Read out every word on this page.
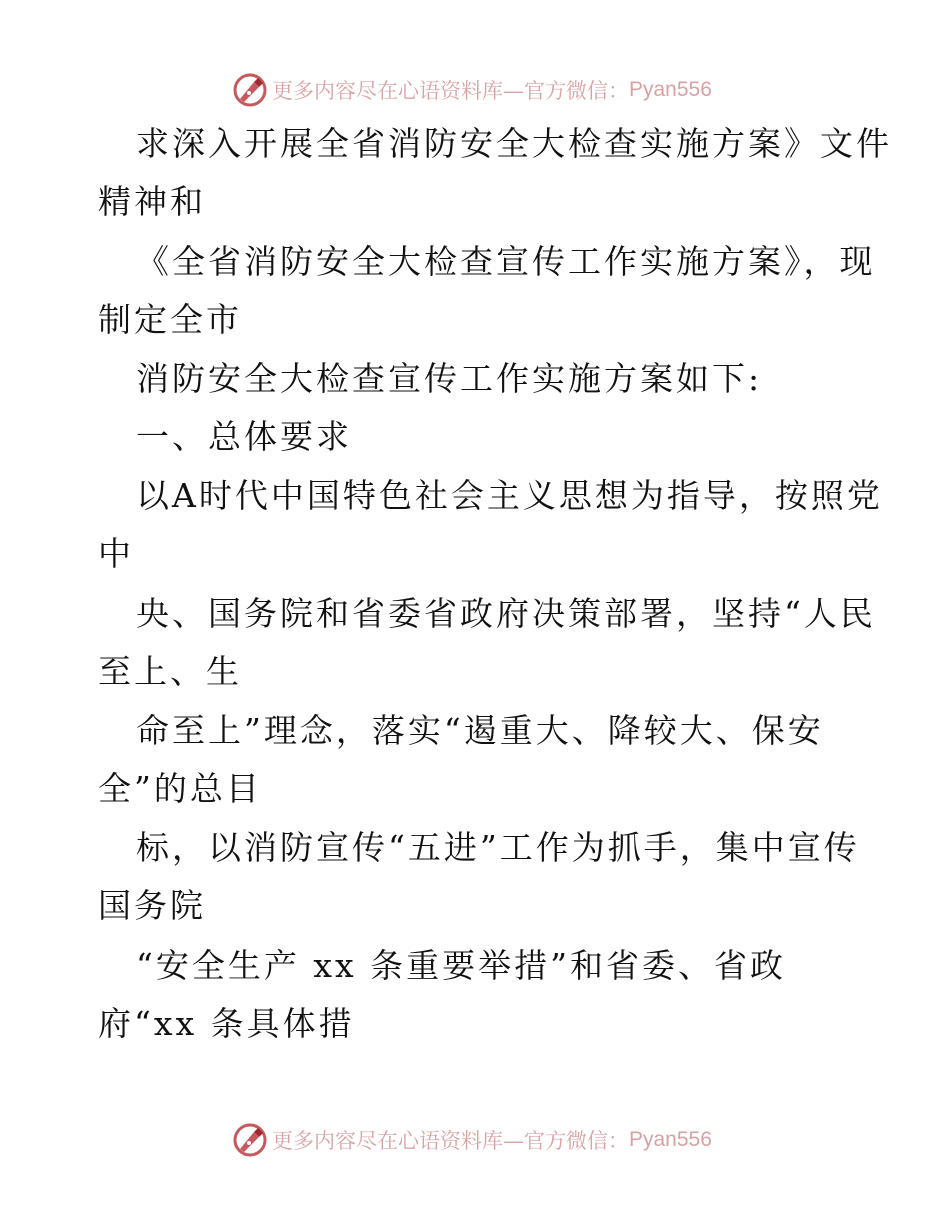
更多内容尽在心语资料库—官方微信： Pyan556
求深入开展全省消防安全大检查实施方案》文件
精神和
《全省消防安全大检查宣传工作实施方案》，现
制定全市
消防安全大检查宣传工作实施方案如下:
一、总体要求
以A时代中国特色社会主义思想为指导，按照党
中
央、国务院和省委省政府决策部署，坚持“人民
至上、生
命至上”理念，落实“遏重大、降较大、保安
全”的总目
标，以消防宣传“五进”工作为抓手，集中宣传
国务院
“安全生产 xx 条重要举措”和省委、省政
府“xx 条具体措
更多内容尽在心语资料库—官方微信： Pyan556
